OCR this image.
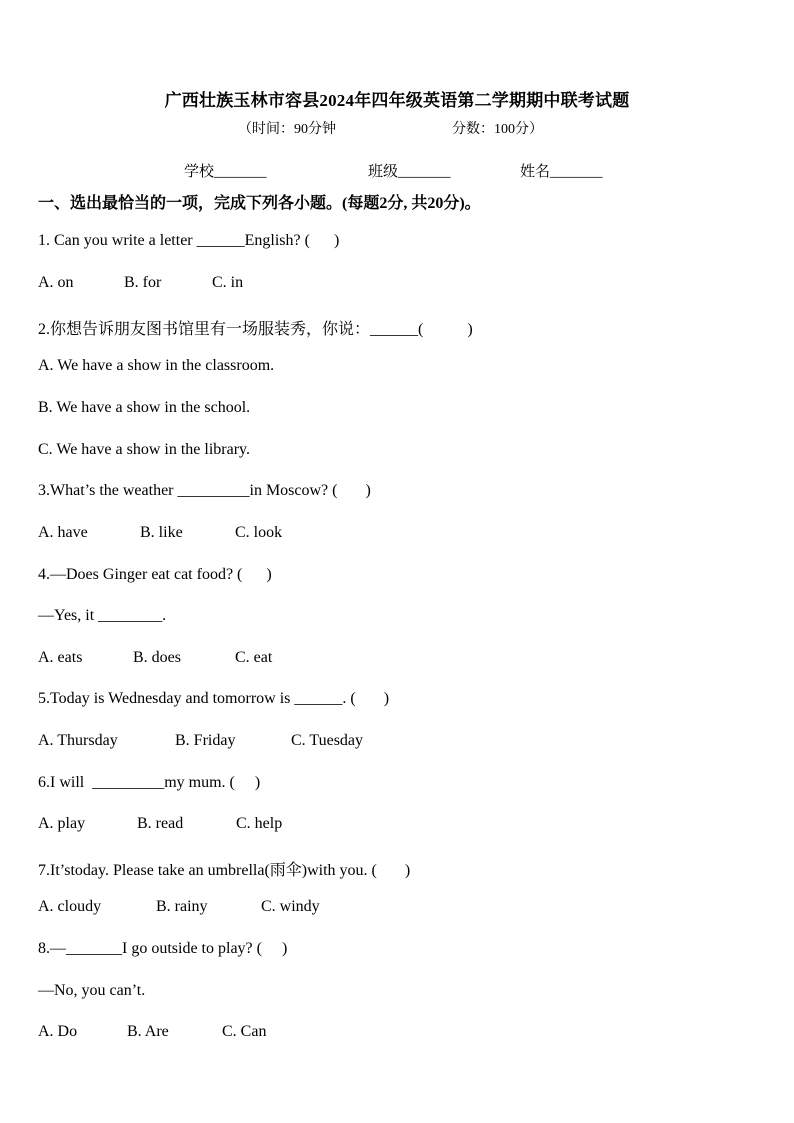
广西壮族玉林市容县2024年四年级英语第二学期期中联考试题
（时间：90分钟	分数：100分）
学校_______	班级_______	姓名_______
一、选出最恰当的一项，完成下列各小题。(每题2分, 共20分)。
1. Can you write a letter ______English? (      )
A. on	B. for	C. in
2.你想告诉朋友图书馆里有一场服装秀，你说：______(           )
A. We have a show in the classroom.
B. We have a show in the school.
C. We have a show in the library.
3.What’s the weather _________in Moscow? (       )
A. have	B. like	C. look
4.—Does Ginger eat cat food? (      )
—Yes, it ________.
A. eats	B. does	C. eat
5.Today is Wednesday and tomorrow is ______. (       )
A. Thursday	B. Friday	C. Tuesday
6.I will  _________my mum. (     )
A. play	B. read	C. help
7.It’stoday. Please take an umbrella(雨伞)with you. (       )
A. cloudy	B. rainy	C. windy
8.—_______I go outside to play? (     )
—No, you can’t.
A. Do	B. Are	C. Can
